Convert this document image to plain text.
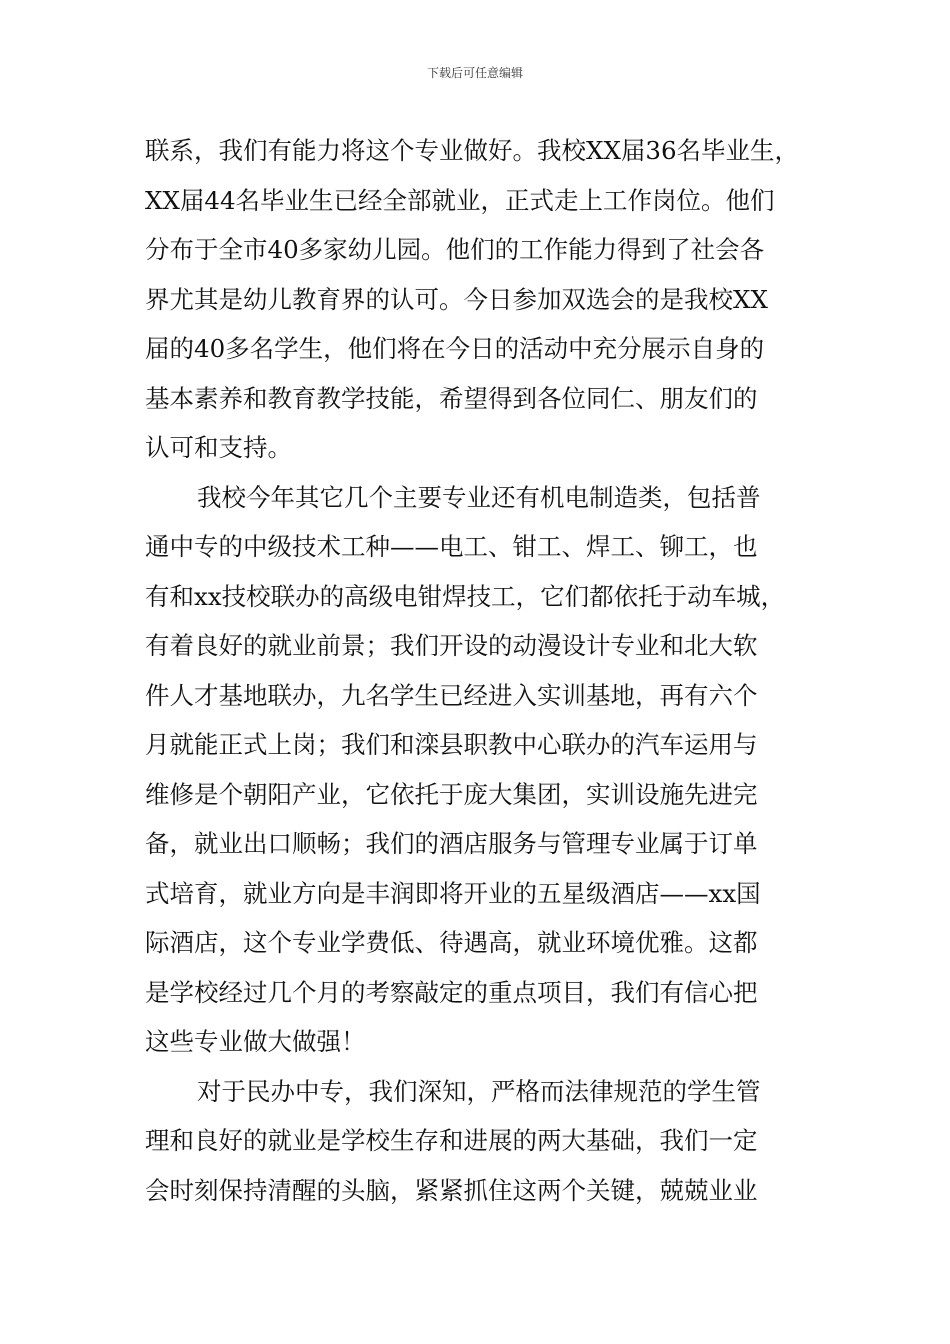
下载后可任意编辑
联系，我们有能力将这个专业做好。我校XX届36名毕业生，
XX届44名毕业生已经全部就业，正式走上工作岗位。他们
分布于全市40多家幼儿园。他们的工作能力得到了社会各
界尤其是幼儿教育界的认可。今日参加双选会的是我校XX
届的40多名学生，他们将在今日的活动中充分展示自身的
基本素养和教育教学技能，希望得到各位同仁、朋友们的
认可和支持。
我校今年其它几个主要专业还有机电制造类，包括普
通中专的中级技术工种——电工、钳工、焊工、铆工，也
有和xx技校联办的高级电钳焊技工，它们都依托于动车城，
有着良好的就业前景；我们开设的动漫设计专业和北大软
件人才基地联办，九名学生已经进入实训基地，再有六个
月就能正式上岗；我们和滦县职教中心联办的汽车运用与
维修是个朝阳产业，它依托于庞大集团，实训设施先进完
备，就业出口顺畅；我们的酒店服务与管理专业属于订单
式培育，就业方向是丰润即将开业的五星级酒店——xx国
际酒店，这个专业学费低、待遇高，就业环境优雅。这都
是学校经过几个月的考察敲定的重点项目，我们有信心把
这些专业做大做强！
对于民办中专，我们深知，严格而法律规范的学生管
理和良好的就业是学校生存和进展的两大基础，我们一定
会时刻保持清醒的头脑，紧紧抓住这两个关键，兢兢业业
